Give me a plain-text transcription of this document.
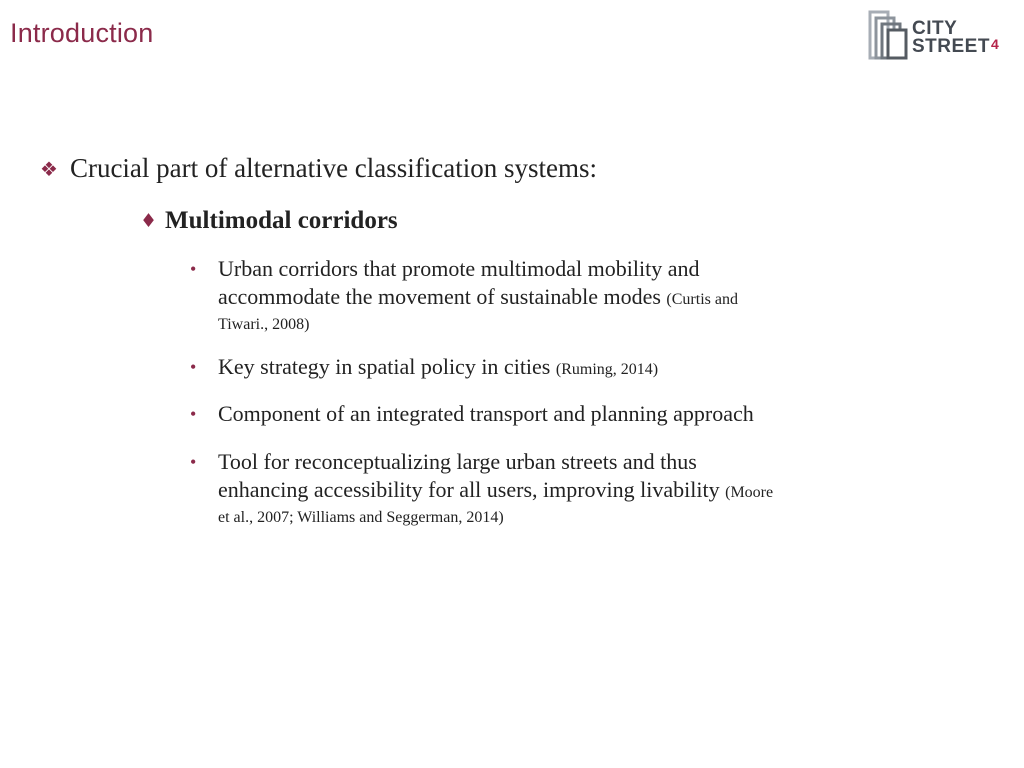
Introduction	CITY
STREET$^4$
❖ Crucial part of alternative classification systems:
♦ Multimodal corridors
• Urban corridors that promote multimodal mobility and
accommodate the movement of sustainable modes (Curtis and
Tiwari., 2008)
• Key strategy in spatial policy in cities (Ruming, 2014)
• Component of an integrated transport and planning approach
• Tool for reconceptualizing large urban streets and thus
enhancing accessibility for all users, improving livability (Moore
et al., 2007; Williams and Seggerman, 2014)
